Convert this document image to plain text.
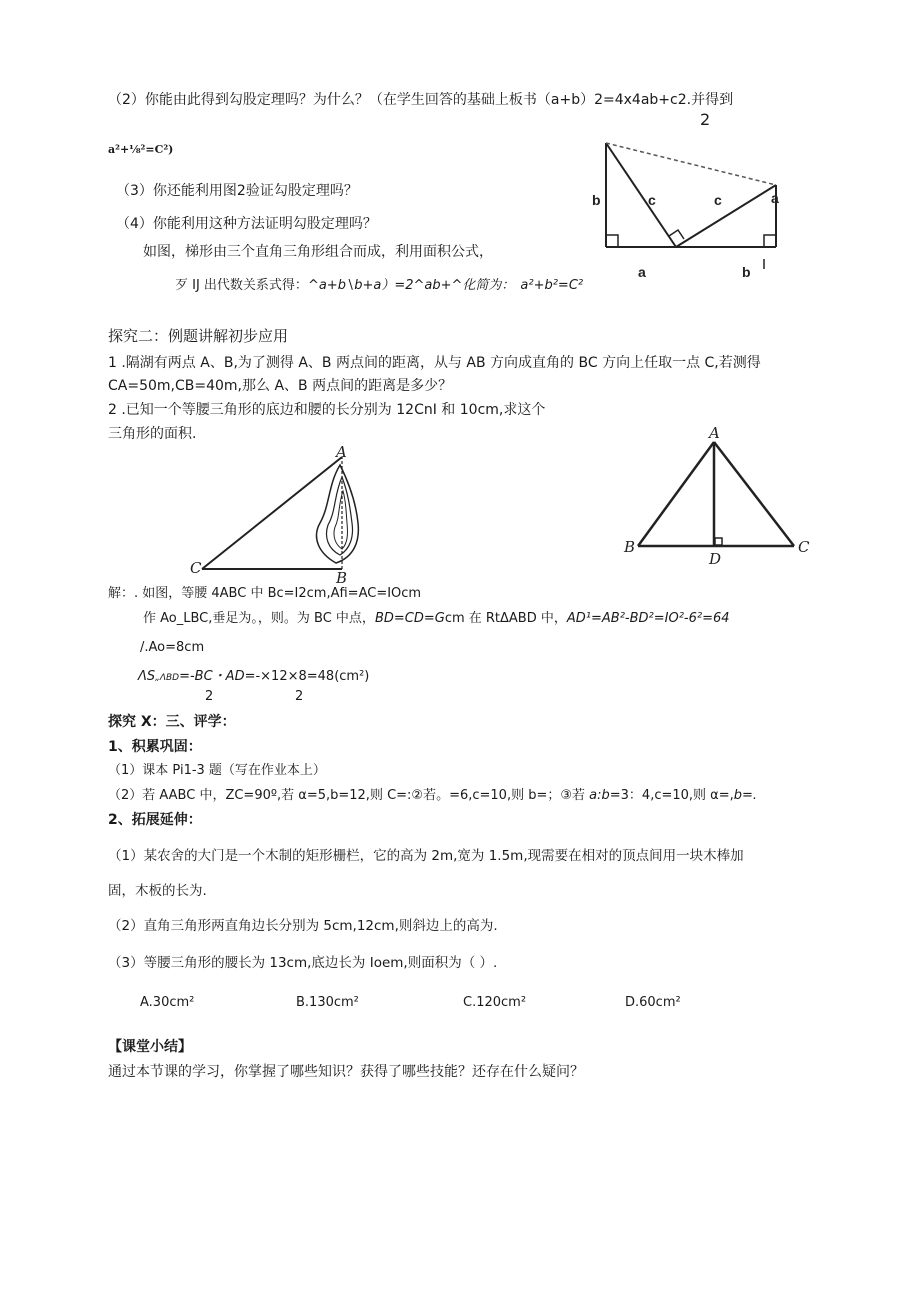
（2）你能由此得到勾股定理吗？为什么？（在学生回答的基础上板书（a+b）2=4x4ab+c2.并得到
2
a²+⅛²=C²)
（3）你还能利用图2验证勾股定理吗？
（4）你能利用这种方法证明勾股定理吗？
如图，梯形由三个直角三角形组合而成，利用面积公式，
歹 IJ 出代数关系式得：^a+b∖b+a）=2^ab+^化简为： a²+b²=C²
b	c	c	a
a	b
探究二：例题讲解初步应用
1 .隔湖有两点 A、B,为了测得 A、B 两点间的距离，从与 AB 方向成直角的 BC 方向上任取一点 C,若测得
CA=50m,CB=40m,那么 A、B 两点间的距离是多少？
2 .已知一个等腰三角形的底边和腰的长分别为 12CnI 和 10cm,求这个
三角形的面积.
A
B
C
A
B	C
D
解：. 如图，等腰 4ABC 中 Bc=I2cm,Afi=AC=IOcm
作 Ao_LBC,垂足为。，则。为 BC 中点，BD=CD=Gcm 在 RtΔABD 中，AD¹=AB²-BD²=IO²-6²=64
/.Ao=8cm
ΛS„ΛBD=-BC・AD=-×12×8=48(cm²)
2	2
探究 X：三、评学：
1、积累巩固：
（1）课本 Pi1-3 题（写在作业本上）
（2）若 AABC 中，ZC=90º,若 α=5,b=12,则 C=:②若。=6,c=10,则 b=；③若 a:b=3：4,c=10,则 α=,b=.
2、拓展延伸：
（1）某农舍的大门是一个木制的矩形栅栏，它的高为 2m,宽为 1.5m,现需要在相对的顶点间用一块木棒加
固，木板的长为.
（2）直角三角形两直角边长分别为 5cm,12cm,则斜边上的高为.
（3）等腰三角形的腰长为 13cm,底边长为 Ioem,则面积为（ ）.
A.30cm²	B.130cm²	C.120cm²	D.60cm²
【课堂小结】
通过本节课的学习，你掌握了哪些知识？获得了哪些技能？还存在什么疑问？
